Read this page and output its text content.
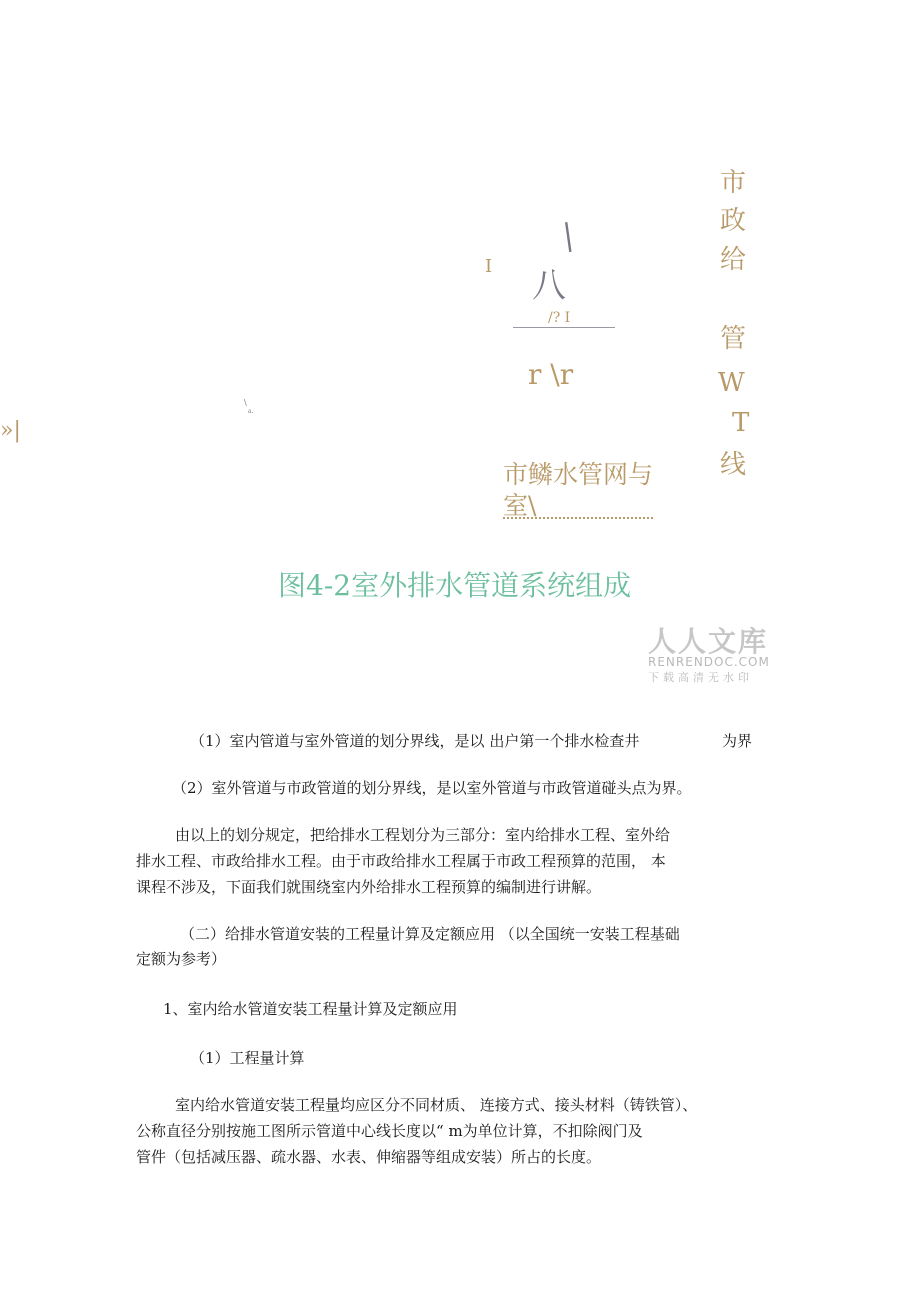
市
政
给
管
W
T
线
I
|
八
/? I
r \r
»|
\
a.
市鳞水管网与
室\
图4-2室外排水管道系统组成
人人文库
RENRENDOC.COM
下载高清无水印
（1）室内管道与室外管道的划分界线，是以 出户第一个排水检查井	为界
（2）室外管道与市政管道的划分界线，是以室外管道与市政管道碰头点为界。
由以上的划分规定，把给排水工程划分为三部分：室内给排水工程、室外给
排水工程、市政给排水工程。由于市政给排水工程属于市政工程预算的范围， 本
课程不涉及，下面我们就围绕室内外给排水工程预算的编制进行讲解。
（二）给排水管道安装的工程量计算及定额应用 （以全国统一安装工程基础
定额为参考）
1、室内给水管道安装工程量计算及定额应用
（1）工程量计算
室内给水管道安装工程量均应区分不同材质、 连接方式、接头材料（铸铁管）、
公称直径分别按施工图所示管道中心线长度以“ m为单位计算，不扣除阀门及
管件（包括减压器、疏水器、水表、伸缩器等组成安装）所占的长度。
